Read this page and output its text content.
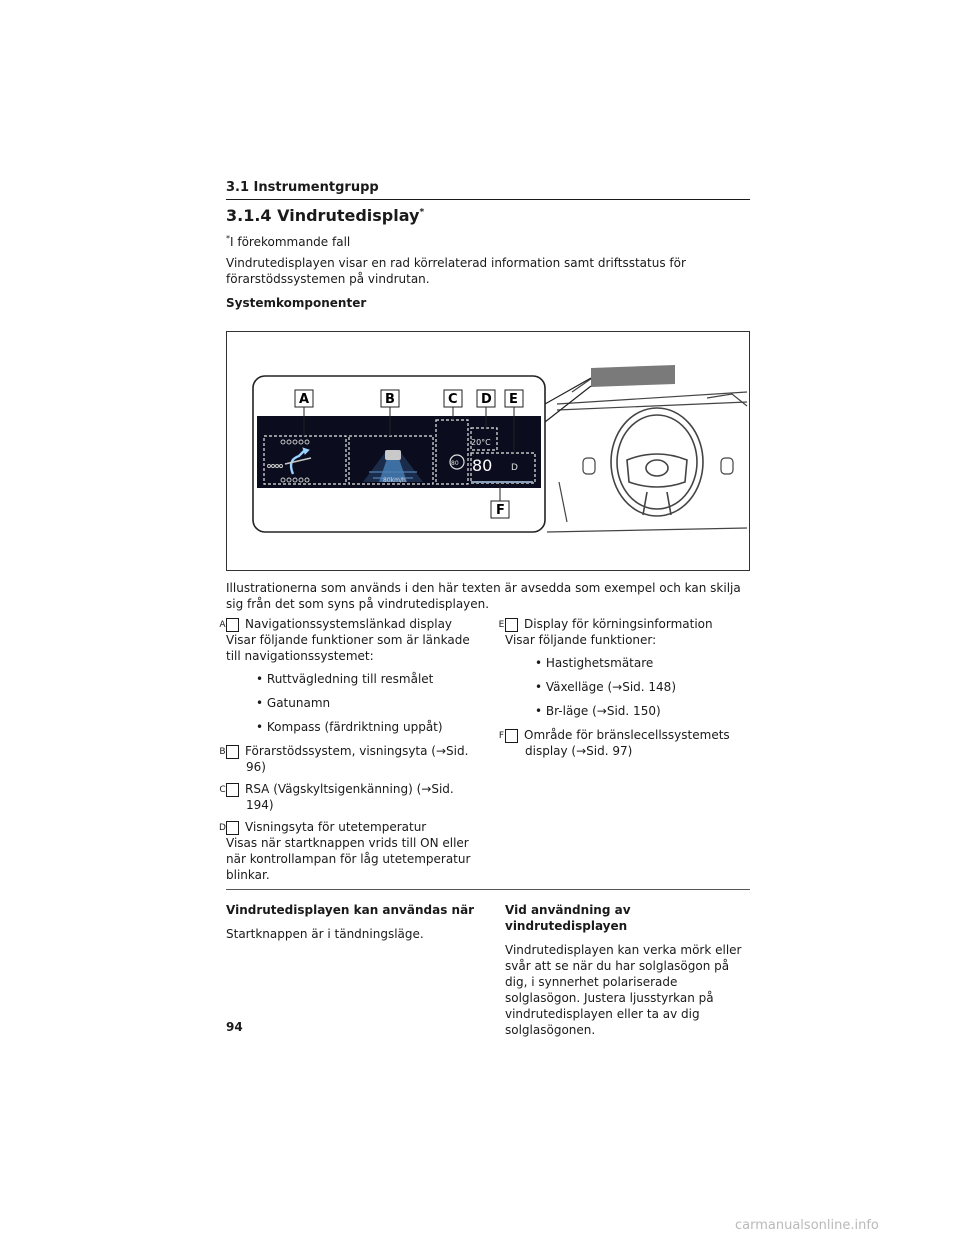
3.1 Instrumentgrupp
3.1.4 Vindrutedisplay*
*I förekommande fall
Vindrutedisplayen visar en rad körrelaterad information samt driftsstatus för förarstödssystemen på vindrutan.
Systemkomponenter
80km/h
20°C
80 80 D
A	B	C D E
F
Illustrationerna som används i den här texten är avsedda som exempel och kan skilja sig från det som syns på vindrutedisplayen.
A Navigationssystemslänkad display
Visar följande funktioner som är länkade till navigationssystemet:
• Ruttvägledning till resmålet
• Gatunamn
• Kompass (färdriktning uppåt)
B Förarstödssystem, visningsyta (→Sid. 96)
C RSA (Vägskyltsigenkänning) (→Sid. 194)
D Visningsyta för utetemperatur
Visas när startknappen vrids till ON eller när kontrollampan för låg utetemperatur blinkar.
E Display för körningsinformation
Visar följande funktioner:
• Hastighetsmätare
• Växelläge (→Sid. 148)
• Br-läge (→Sid. 150)
F Område för bränslecellssystemets display (→Sid. 97)
Vindrutedisplayen kan användas när
Startknappen är i tändningsläge.
Vid användning av vindrutedisplayen
Vindrutedisplayen kan verka mörk eller svår att se när du har solglasögon på dig, i synnerhet polariserade solglasögon. Justera ljusstyrkan på vindrutedisplayen eller ta av dig solglasögonen.
94
carmanualsonline.info
